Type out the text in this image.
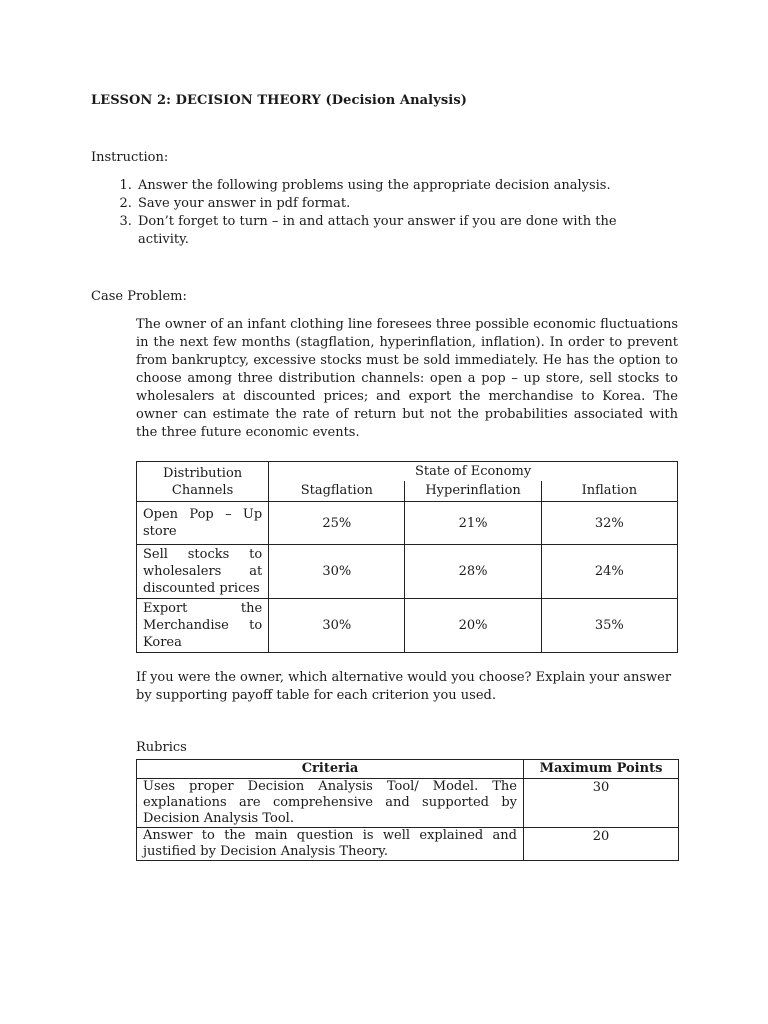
LESSON 2: DECISION THEORY (Decision Analysis)

Instruction:

1. Answer the following problems using the appropriate decision analysis.
2. Save your answer in pdf format.
3. Don’t forget to turn – in and attach your answer if you are done with the activity.

Case Problem:

The owner of an infant clothing line foresees three possible economic fluctuations in the next few months (stagflation, hyperinflation, inflation). In order to prevent from bankruptcy, excessive stocks must be sold immediately. He has the option to choose among three distribution channels: open a pop – up store, sell stocks to wholesalers at discounted prices; and export the merchandise to Korea. The owner can estimate the rate of return but not the probabilities associated with the three future economic events.

Distribution Channels	State of Economy		
	Stagflation	Hyperinflation	Inflation
Open Pop – Up store	25%	21%	32%
Sell stocks to wholesalers at discounted prices	30%	28%	24%
Export the Merchandise to Korea	30%	20%	35%

If you were the owner, which alternative would you choose? Explain your answer by supporting payoff table for each criterion you used.

Rubrics

Criteria	Maximum Points
Uses proper Decision Analysis Tool/ Model. The explanations are comprehensive and supported by Decision Analysis Tool.	30
Answer to the main question is well explained and justified by Decision Analysis Theory.	20
